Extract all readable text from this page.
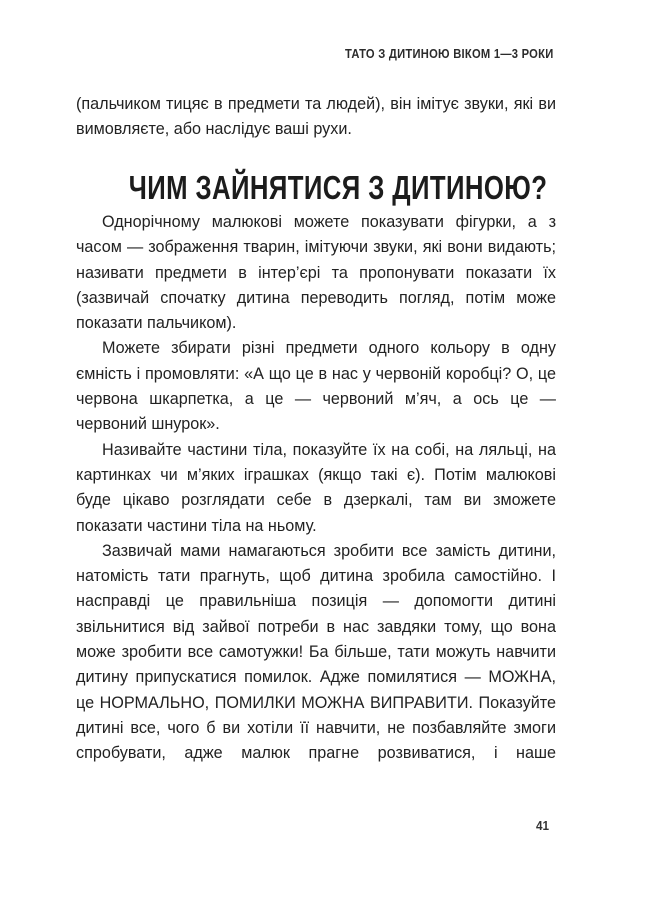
ТАТО З ДИТИНОЮ ВІКОМ 1—3 РОКИ

(пальчиком тицяє в предмети та людей), він імітує звуки, які ви вимовляєте, або наслідує ваші рухи.

ЧИМ ЗАЙНЯТИСЯ З ДИТИНОЮ?

Однорічному малюкові можете показувати фігурки, а з часом — зображення тварин, імітуючи звуки, які вони видають; називати предмети в інтер’єрі та пропонувати показати їх (зазвичай спочатку дитина переводить погляд, потім може показати пальчиком).

Можете збирати різні предмети одного кольору в одну ємність і промовляти: «А що це в нас у червоній коробці? О, це червона шкарпетка, а це — червоний м’яч, а ось це — червоний шнурок».

Називайте частини тіла, показуйте їх на собі, на ляльці, на картинках чи м’яких іграшках (якщо такі є). Потім малюкові буде цікаво розглядати себе в дзеркалі, там ви зможете показати частини тіла на ньому.

Зазвичай мами намагаються зробити все замість дитини, натомість тати прагнуть, щоб дитина зробила самостійно. І насправді це правильніша позиція — допомогти дитині звільнитися від зайвої потреби в нас завдяки тому, що вона може зробити все самотужки! Ба більше, тати можуть навчити дитину припускатися помилок. Адже помилятися — МОЖНА, це НОРМАЛЬНО, ПОМИЛКИ МОЖНА ВИПРАВИТИ. Показуйте дитині все, чого б ви хотіли її навчити, не позбавляйте змоги спробувати, адже малюк прагне розвиватися, і наше

41
